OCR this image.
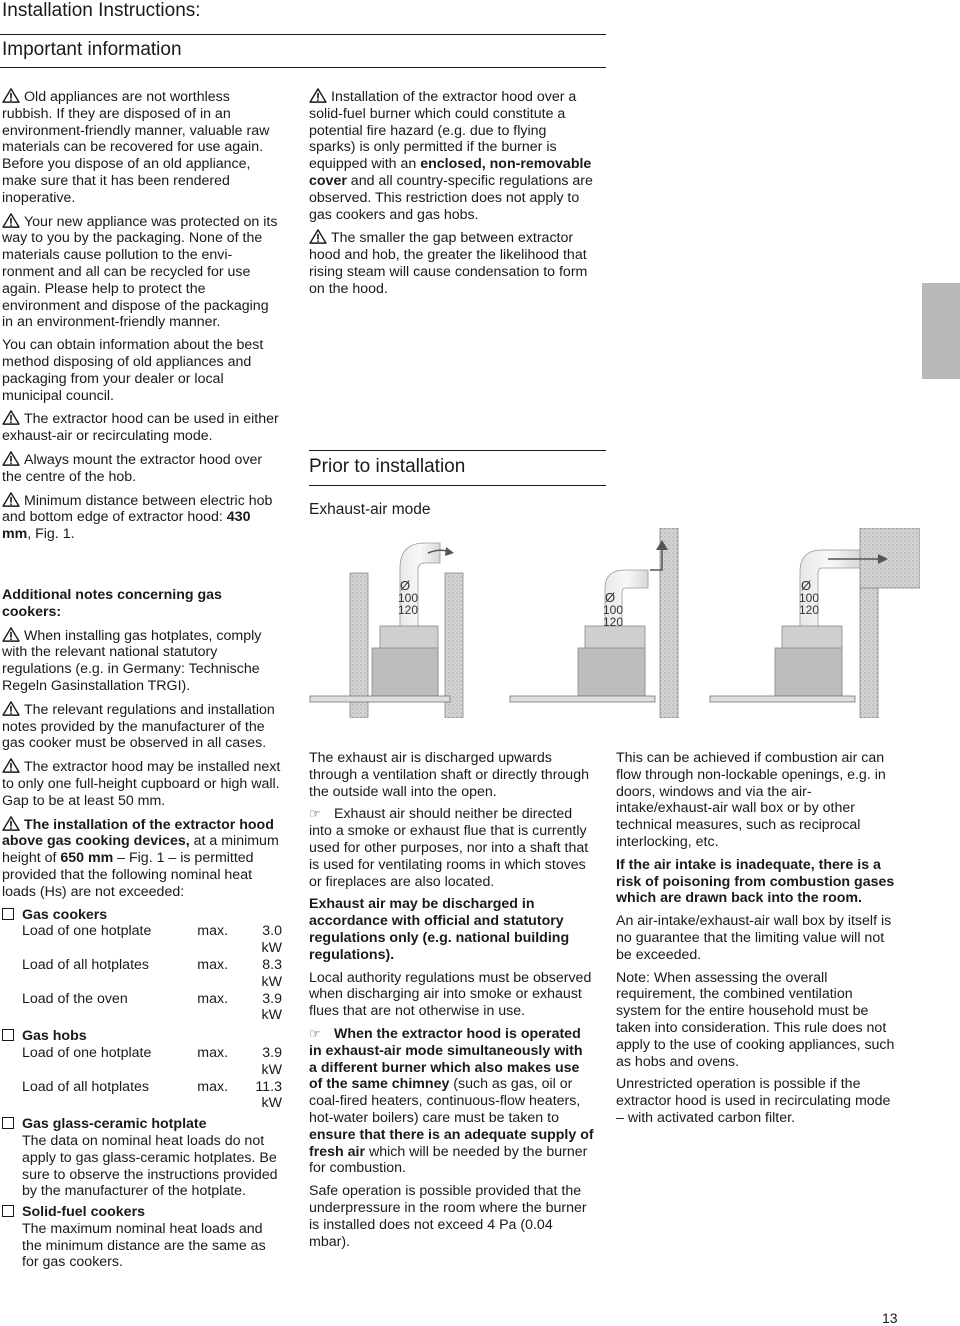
Installation Instructions:
Important information

Old appliances are not worthless rubbish. If they are disposed of in an environment-friendly manner, valuable raw materials can be recovered for use again. Before you dispose of an old appliance, make sure that it has been rendered inoperative.

Your new appliance was protected on its way to you by the packaging. None of the materials cause pollution to the envi- ronment and all can be recycled for use again. Please help to protect the environment and dispose of the packaging in an environment-friendly manner.

You can obtain information about the best method disposing of old appliances and packaging from your dealer or local municipal council.

The extractor hood can be used in either exhaust-air or recirculating mode.

Always mount the extractor hood over the centre of the hob.

Minimum distance between electric hob and bottom edge of extractor hood: 430 mm, Fig. 1.

Additional notes concerning gas cookers:

When installing gas hotplates, comply with the relevant national statutory regulations (e.g. in Germany: Technische Regeln Gasinstallation TRGI).

The relevant regulations and installation notes provided by the manufacturer of the gas cooker must be observed in all cases.

The extractor hood may be installed next to only one full-height cupboard or high wall. Gap to be at least 50 mm.

The installation of the extractor hood above gas cooking devices, at a minimum height of 650 mm – Fig. 1 – is permitted provided that the following nominal heat loads (Hs) are not exceeded:

Gas cookers
Load of one hotplate	max.	3.0 kW
Load of all hotplates	max.	8.3 kW
Load of the oven	max.	3.9 kW
Gas hobs
Load of one hotplate	max.	3.9 kW
Load of all hotplates	max.	11.3 kW
Gas glass-ceramic hotplate
The data on nominal heat loads do not apply to gas glass-ceramic hotplates. Be sure to observe the instructions provided by the manufacturer of the hotplate.
Solid-fuel cookers
The maximum nominal heat loads and the minimum distance are the same as for gas cookers.

Installation of the extractor hood over a solid-fuel burner which could constitute a potential fire hazard (e.g. due to flying sparks) is only permitted if the burner is equipped with an enclosed, non-removable cover and all country-specific regulations are observed. This restriction does not apply to gas cookers and gas hobs.

The smaller the gap between extractor hood and hob, the greater the likelihood that rising steam will cause condensation to form on the hood.

Prior to installation
Exhaust-air mode
Ø
100
120
Ø
100
120
Ø
100
120

The exhaust air is discharged upwards through a ventilation shaft or directly through the outside wall into the open.

☞ Exhaust air should neither be directed into a smoke or exhaust flue that is currently used for other purposes, nor into a shaft that is used for ventilating rooms in which stoves or fireplaces are also located.

Exhaust air may be discharged in accordance with official and statutory regulations only (e.g. national building regulations).

Local authority regulations must be observed when discharging air into smoke or exhaust flues that are not otherwise in use.

☞ When the extractor hood is operated in exhaust-air mode simultaneously with a different burner which also makes use of the same chimney (such as gas, oil or coal-fired heaters, continuous-flow heaters, hot-water boilers) care must be taken to ensure that there is an adequate supply of fresh air which will be needed by the burner for combustion.

Safe operation is possible provided that the underpressure in the room where the burner is installed does not exceed 4 Pa (0.04 mbar).

This can be achieved if combustion air can flow through non-lockable openings, e.g. in doors, windows and via the air-intake/exhaust-air wall box or by other technical measures, such as reciprocal interlocking, etc.

If the air intake is inadequate, there is a risk of poisoning from combustion gases which are drawn back into the room.

An air-intake/exhaust-air wall box by itself is no guarantee that the limiting value will not be exceeded.

Note: When assessing the overall requirement, the combined ventilation system for the entire household must be taken into consideration. This rule does not apply to the use of cooking appliances, such as hobs and ovens.

Unrestricted operation is possible if the extractor hood is used in recirculating mode – with activated carbon filter.

13
